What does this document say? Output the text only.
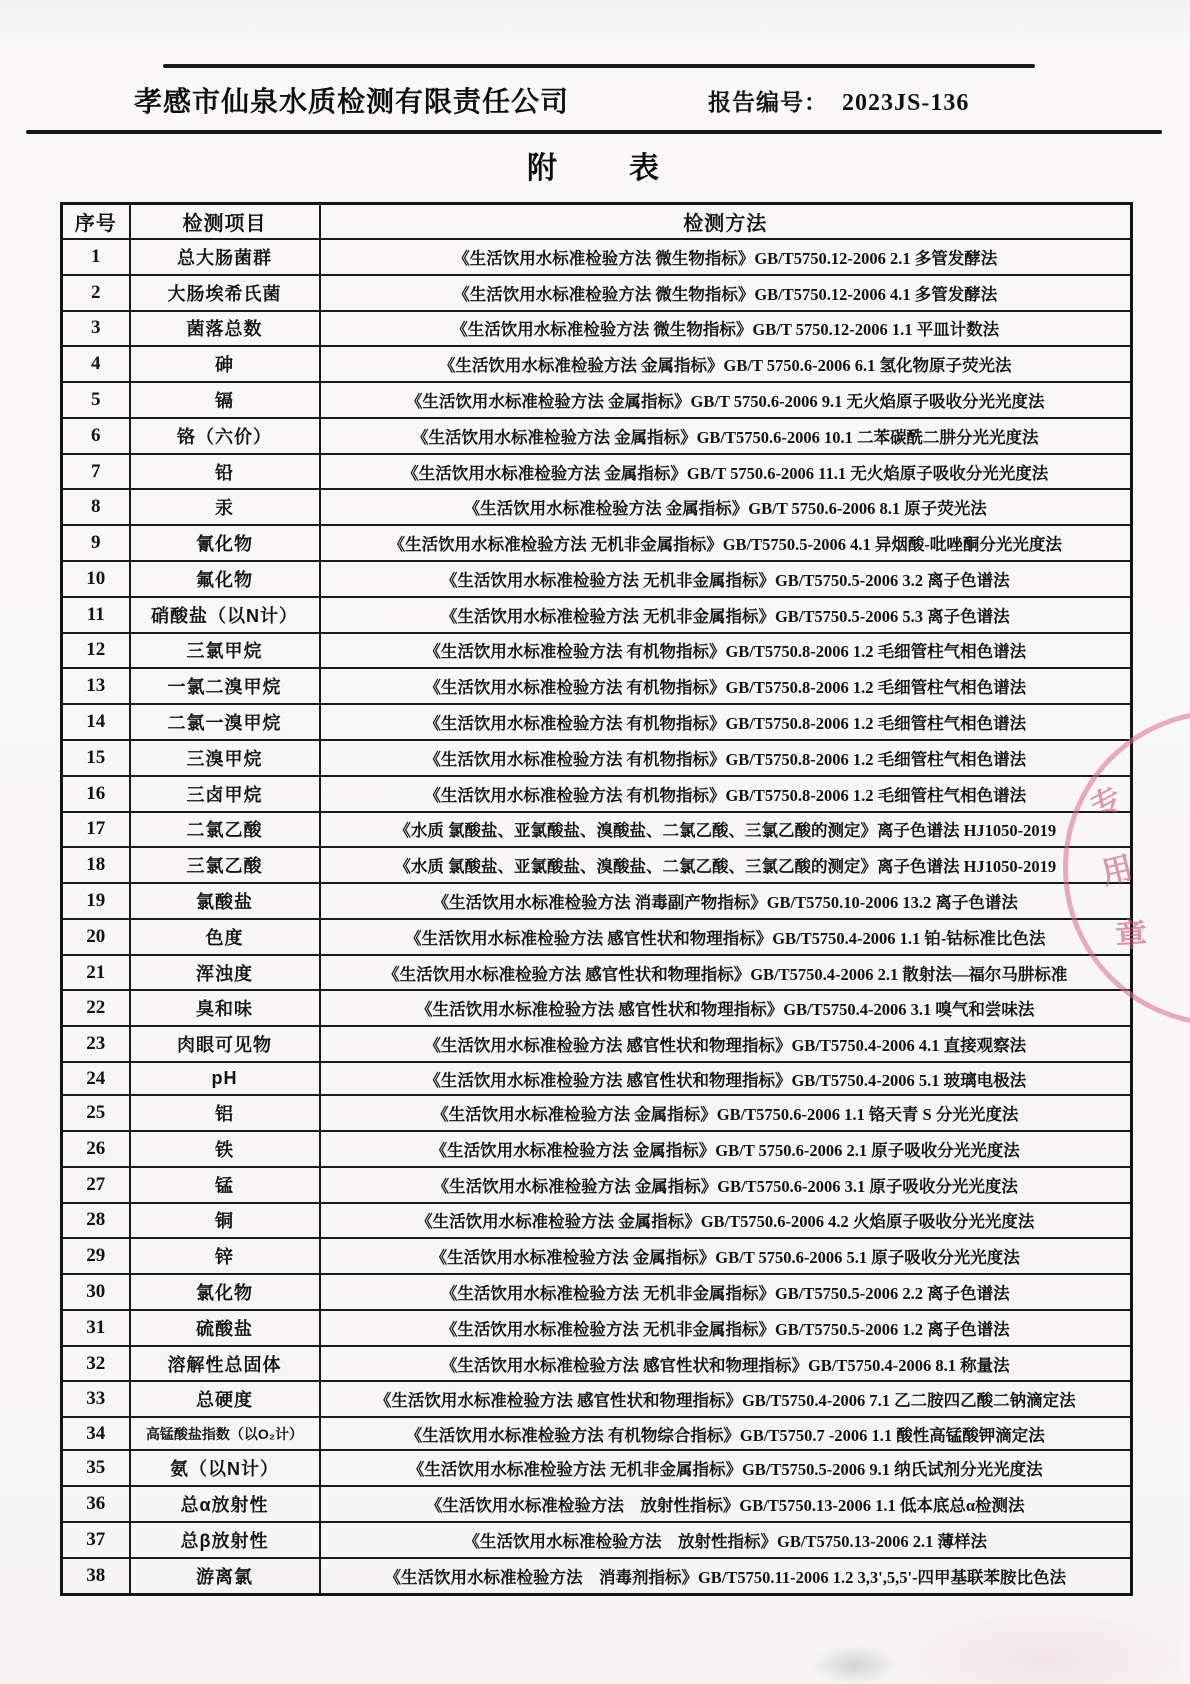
孝感市仙泉水质检测有限责任公司	报告编号： 2023JS-136
附　　表
序号	检测项目	检测方法
1	总大肠菌群	《生活饮用水标准检验方法 微生物指标》GB/T5750.12-2006 2.1 多管发酵法
2	大肠埃希氏菌	《生活饮用水标准检验方法 微生物指标》GB/T5750.12-2006 4.1 多管发酵法
3	菌落总数	《生活饮用水标准检验方法 微生物指标》GB/T 5750.12-2006 1.1 平皿计数法
4	砷	《生活饮用水标准检验方法 金属指标》GB/T 5750.6-2006 6.1 氢化物原子荧光法
5	镉	《生活饮用水标准检验方法 金属指标》GB/T 5750.6-2006 9.1 无火焰原子吸收分光光度法
6	铬（六价）	《生活饮用水标准检验方法 金属指标》GB/T5750.6-2006 10.1 二苯碳酰二肼分光光度法
7	铅	《生活饮用水标准检验方法 金属指标》GB/T 5750.6-2006 11.1 无火焰原子吸收分光光度法
8	汞	《生活饮用水标准检验方法 金属指标》GB/T 5750.6-2006 8.1 原子荧光法
9	氰化物	《生活饮用水标准检验方法 无机非金属指标》GB/T5750.5-2006 4.1 异烟酸-吡唑酮分光光度法
10	氟化物	《生活饮用水标准检验方法 无机非金属指标》GB/T5750.5-2006 3.2 离子色谱法
11	硝酸盐（以N计）	《生活饮用水标准检验方法 无机非金属指标》GB/T5750.5-2006 5.3 离子色谱法
12	三氯甲烷	《生活饮用水标准检验方法 有机物指标》GB/T5750.8-2006 1.2 毛细管柱气相色谱法
13	一氯二溴甲烷	《生活饮用水标准检验方法 有机物指标》GB/T5750.8-2006 1.2 毛细管柱气相色谱法
14	二氯一溴甲烷	《生活饮用水标准检验方法 有机物指标》GB/T5750.8-2006 1.2 毛细管柱气相色谱法
15	三溴甲烷	《生活饮用水标准检验方法 有机物指标》GB/T5750.8-2006 1.2 毛细管柱气相色谱法
16	三卤甲烷	《生活饮用水标准检验方法 有机物指标》GB/T5750.8-2006 1.2 毛细管柱气相色谱法
17	二氯乙酸	《水质 氯酸盐、亚氯酸盐、溴酸盐、二氯乙酸、三氯乙酸的测定》离子色谱法 HJ1050-2019
18	三氯乙酸	《水质 氯酸盐、亚氯酸盐、溴酸盐、二氯乙酸、三氯乙酸的测定》离子色谱法 HJ1050-2019
19	氯酸盐	《生活饮用水标准检验方法 消毒副产物指标》GB/T5750.10-2006 13.2 离子色谱法
20	色度	《生活饮用水标准检验方法 感官性状和物理指标》GB/T5750.4-2006 1.1 铂-钴标准比色法
21	浑浊度	《生活饮用水标准检验方法 感官性状和物理指标》GB/T5750.4-2006 2.1 散射法—福尔马肼标准
22	臭和味	《生活饮用水标准检验方法 感官性状和物理指标》GB/T5750.4-2006 3.1 嗅气和尝味法
23	肉眼可见物	《生活饮用水标准检验方法 感官性状和物理指标》GB/T5750.4-2006 4.1 直接观察法
24	pH	《生活饮用水标准检验方法 感官性状和物理指标》GB/T5750.4-2006 5.1 玻璃电极法
25	铝	《生活饮用水标准检验方法 金属指标》GB/T5750.6-2006 1.1 铬天青 S 分光光度法
26	铁	《生活饮用水标准检验方法 金属指标》GB/T 5750.6-2006 2.1 原子吸收分光光度法
27	锰	《生活饮用水标准检验方法 金属指标》GB/T5750.6-2006 3.1 原子吸收分光光度法
28	铜	《生活饮用水标准检验方法 金属指标》GB/T5750.6-2006 4.2 火焰原子吸收分光光度法
29	锌	《生活饮用水标准检验方法 金属指标》GB/T 5750.6-2006 5.1 原子吸收分光光度法
30	氯化物	《生活饮用水标准检验方法 无机非金属指标》GB/T5750.5-2006 2.2 离子色谱法
31	硫酸盐	《生活饮用水标准检验方法 无机非金属指标》GB/T5750.5-2006 1.2 离子色谱法
32	溶解性总固体	《生活饮用水标准检验方法 感官性状和物理指标》GB/T5750.4-2006 8.1 称量法
33	总硬度	《生活饮用水标准检验方法 感官性状和物理指标》GB/T5750.4-2006 7.1 乙二胺四乙酸二钠滴定法
34	高锰酸盐指数（以O₂计）	《生活饮用水标准检验方法 有机物综合指标》GB/T5750.7 -2006 1.1 酸性高锰酸钾滴定法
35	氨（以N计）	《生活饮用水标准检验方法 无机非金属指标》GB/T5750.5-2006 9.1 纳氏试剂分光光度法
36	总α放射性	《生活饮用水标准检验方法　放射性指标》GB/T5750.13-2006 1.1 低本底总α检测法
37	总β放射性	《生活饮用水标准检验方法　放射性指标》GB/T5750.13-2006 2.1 薄样法
38	游离氯	《生活饮用水标准检验方法　消毒剂指标》GB/T5750.11-2006 1.2 3,3',5,5'-四甲基联苯胺比色法
专
用
章
